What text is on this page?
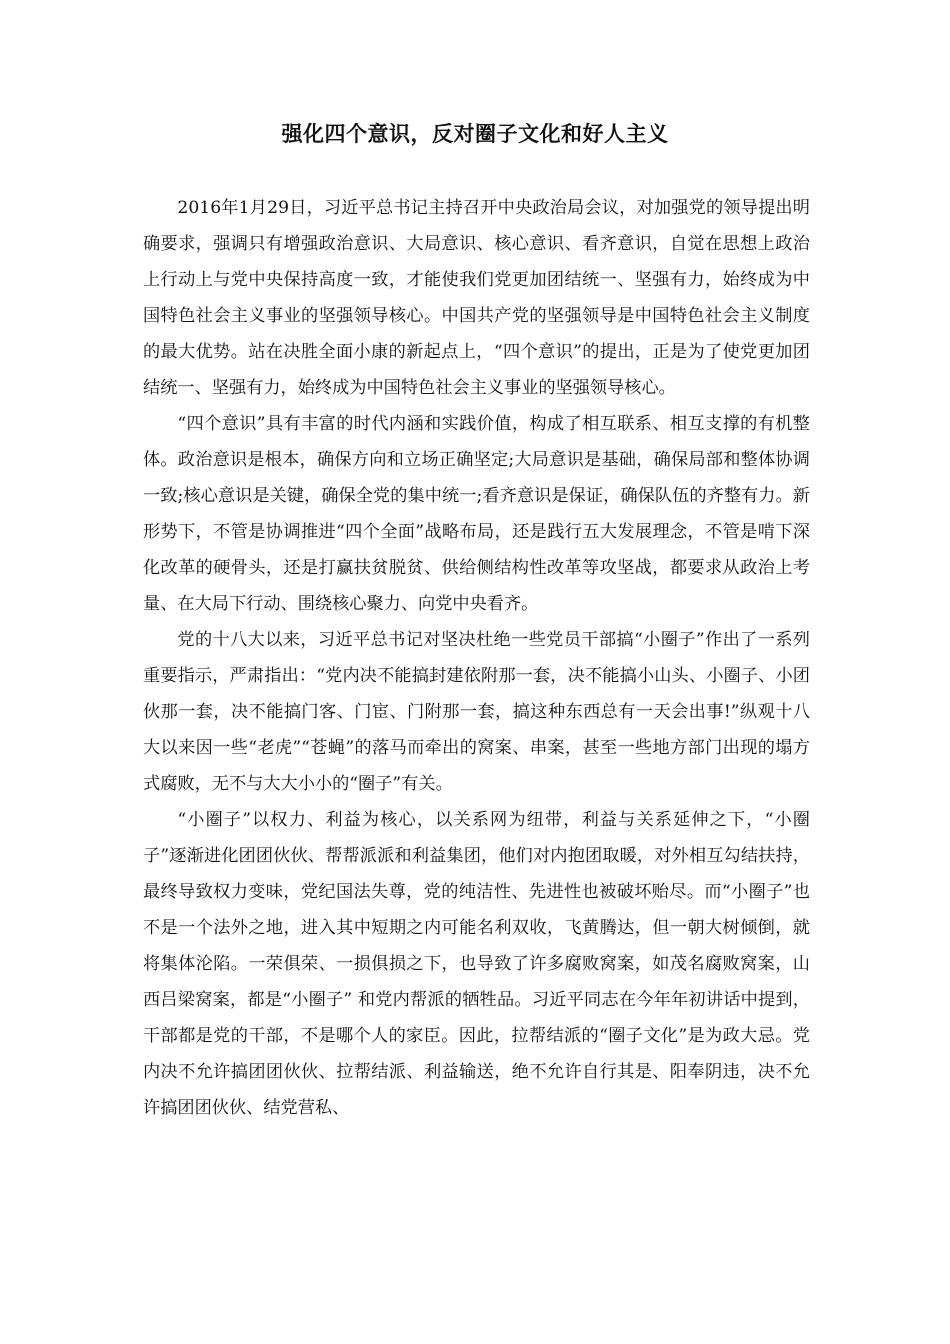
强化四个意识，反对圈子文化和好人主义

2016年1月29日，习近平总书记主持召开中央政治局会议，对加强党的领导提出明确要求，强调只有增强政治意识、大局意识、核心意识、看齐意识，自觉在思想上政治上行动上与党中央保持高度一致，才能使我们党更加团结统一、坚强有力，始终成为中国特色社会主义事业的坚强领导核心。中国共产党的坚强领导是中国特色社会主义制度的最大优势。站在决胜全面小康的新起点上，“四个意识”的提出，正是为了使党更加团结统一、坚强有力，始终成为中国特色社会主义事业的坚强领导核心。

“四个意识”具有丰富的时代内涵和实践价值，构成了相互联系、相互支撑的有机整体。政治意识是根本，确保方向和立场正确坚定;大局意识是基础，确保局部和整体协调一致;核心意识是关键，确保全党的集中统一;看齐意识是保证，确保队伍的齐整有力。新形势下，不管是协调推进“四个全面”战略布局，还是践行五大发展理念，不管是啃下深化改革的硬骨头，还是打赢扶贫脱贫、供给侧结构性改革等攻坚战，都要求从政治上考量、在大局下行动、围绕核心聚力、向党中央看齐。

党的十八大以来，习近平总书记对坚决杜绝一些党员干部搞“小圈子”作出了一系列重要指示，严肃指出：“党内决不能搞封建依附那一套，决不能搞小山头、小圈子、小团伙那一套，决不能搞门客、门宦、门附那一套，搞这种东西总有一天会出事!”纵观十八大以来因一些“老虎”“苍蝇”的落马而牵出的窝案、串案，甚至一些地方部门出现的塌方式腐败，无不与大大小小的“圈子”有关。

“小圈子”以权力、利益为核心，以关系网为纽带，利益与关系延伸之下，“小圈子”逐渐进化团团伙伙、帮帮派派和利益集团，他们对内抱团取暖，对外相互勾结扶持，最终导致权力变味，党纪国法失尊，党的纯洁性、先进性也被破坏贻尽。而“小圈子”也不是一个法外之地，进入其中短期之内可能名利双收，飞黄腾达，但一朝大树倾倒，就将集体沦陷。一荣俱荣、一损俱损之下，也导致了许多腐败窝案，如茂名腐败窝案，山西吕梁窝案，都是“小圈子” 和党内帮派的牺牲品。习近平同志在今年年初讲话中提到，干部都是党的干部，不是哪个人的家臣。因此，拉帮结派的“圈子文化”是为政大忌。党内决不允许搞团团伙伙、拉帮结派、利益输送，绝不允许自行其是、阳奉阴违，决不允许搞团团伙伙、结党营私、
